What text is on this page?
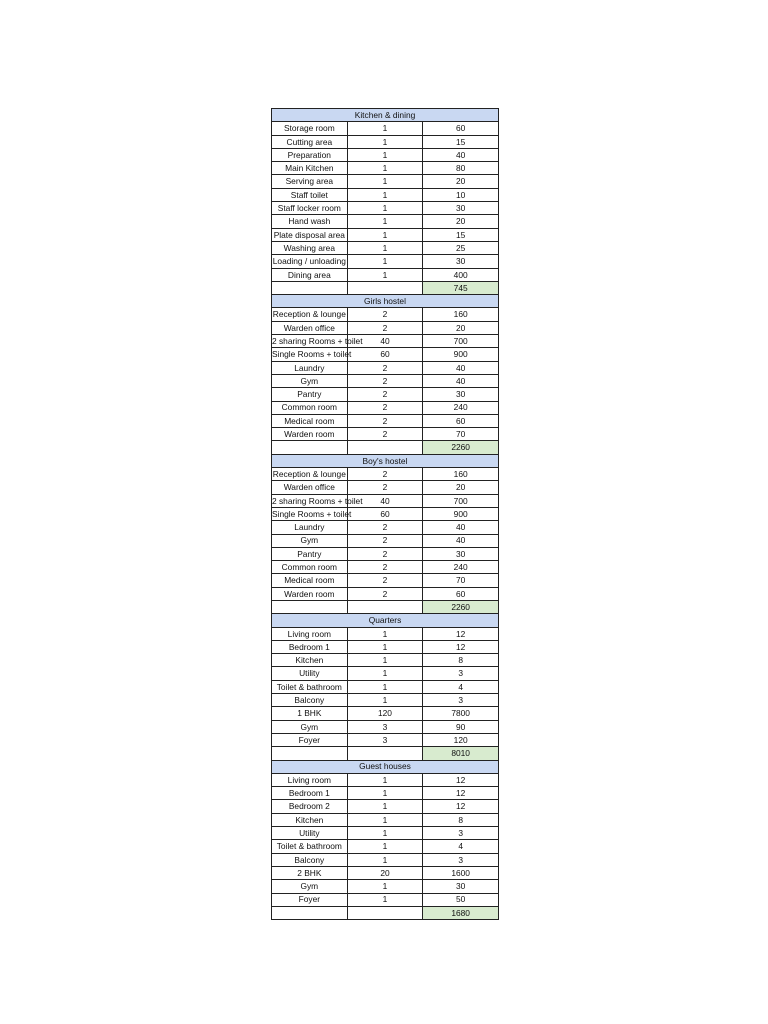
Kitchen & dining		
Storage room	1	60
Cutting area	1	15
Preparation	1	40
Main Kitchen	1	80
Serving area	1	20
Staff toilet	1	10
Staff locker room	1	30
Hand wash	1	20
Plate disposal area	1	15
Washing area	1	25
Loading / unloading	1	30
Dining area	1	400
		745
Girls hostel		
Reception & lounge	2	160
Warden office	2	20
2 sharing Rooms + toilet	40	700
Single Rooms + toilet	60	900
Laundry	2	40
Gym	2	40
Pantry	2	30
Common room	2	240
Medical room	2	60
Warden room	2	70
		2260
Boy's hostel		
Reception & lounge	2	160
Warden office	2	20
2 sharing Rooms + toilet	40	700
Single Rooms + toilet	60	900
Laundry	2	40
Gym	2	40
Pantry	2	30
Common room	2	240
Medical room	2	70
Warden room	2	60
		2260
Quarters		
Living room	1	12
Bedroom 1	1	12
Kitchen	1	8
Utility	1	3
Toilet & bathroom	1	4
Balcony	1	3
1 BHK	120	7800
Gym	3	90
Foyer	3	120
		8010
Guest houses		
Living room	1	12
Bedroom 1	1	12
Bedroom 2	1	12
Kitchen	1	8
Utility	1	3
Toilet & bathroom	1	4
Balcony	1	3
2 BHK	20	1600
Gym	1	30
Foyer	1	50
		1680
